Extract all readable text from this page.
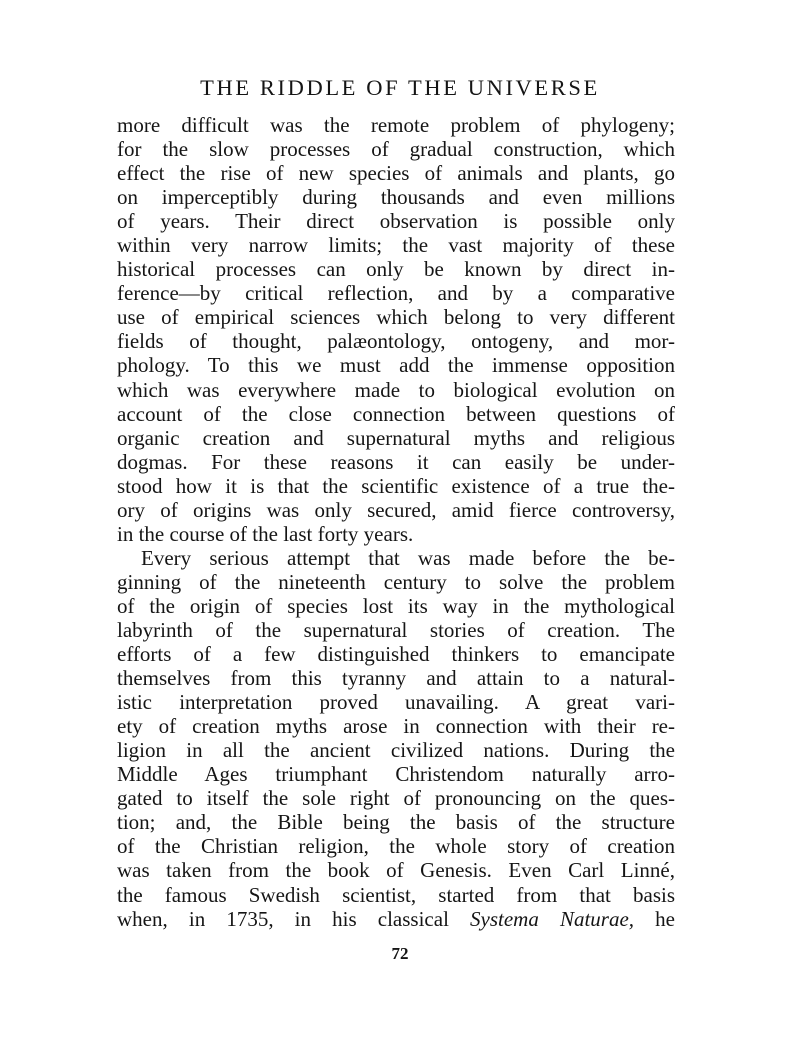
THE RIDDLE OF THE UNIVERSE
more difficult was the remote problem of phylogeny;
for the slow processes of gradual construction, which
effect the rise of new species of animals and plants, go
on imperceptibly during thousands and even millions
of years. Their direct observation is possible only
within very narrow limits; the vast majority of these
historical processes can only be known by direct in-
ference—by critical reflection, and by a comparative
use of empirical sciences which belong to very different
fields of thought, palæontology, ontogeny, and mor-
phology. To this we must add the immense opposition
which was everywhere made to biological evolution on
account of the close connection between questions of
organic creation and supernatural myths and religious
dogmas. For these reasons it can easily be under-
stood how it is that the scientific existence of a true the-
ory of origins was only secured, amid fierce controversy,
in the course of the last forty years.
Every serious attempt that was made before the be-
ginning of the nineteenth century to solve the problem
of the origin of species lost its way in the mythological
labyrinth of the supernatural stories of creation. The
efforts of a few distinguished thinkers to emancipate
themselves from this tyranny and attain to a natural-
istic interpretation proved unavailing. A great vari-
ety of creation myths arose in connection with their re-
ligion in all the ancient civilized nations. During the
Middle Ages triumphant Christendom naturally arro-
gated to itself the sole right of pronouncing on the ques-
tion; and, the Bible being the basis of the structure
of the Christian religion, the whole story of creation
was taken from the book of Genesis. Even Carl Linné,
the famous Swedish scientist, started from that basis
when, in 1735, in his classical Systema Naturae, he
72
